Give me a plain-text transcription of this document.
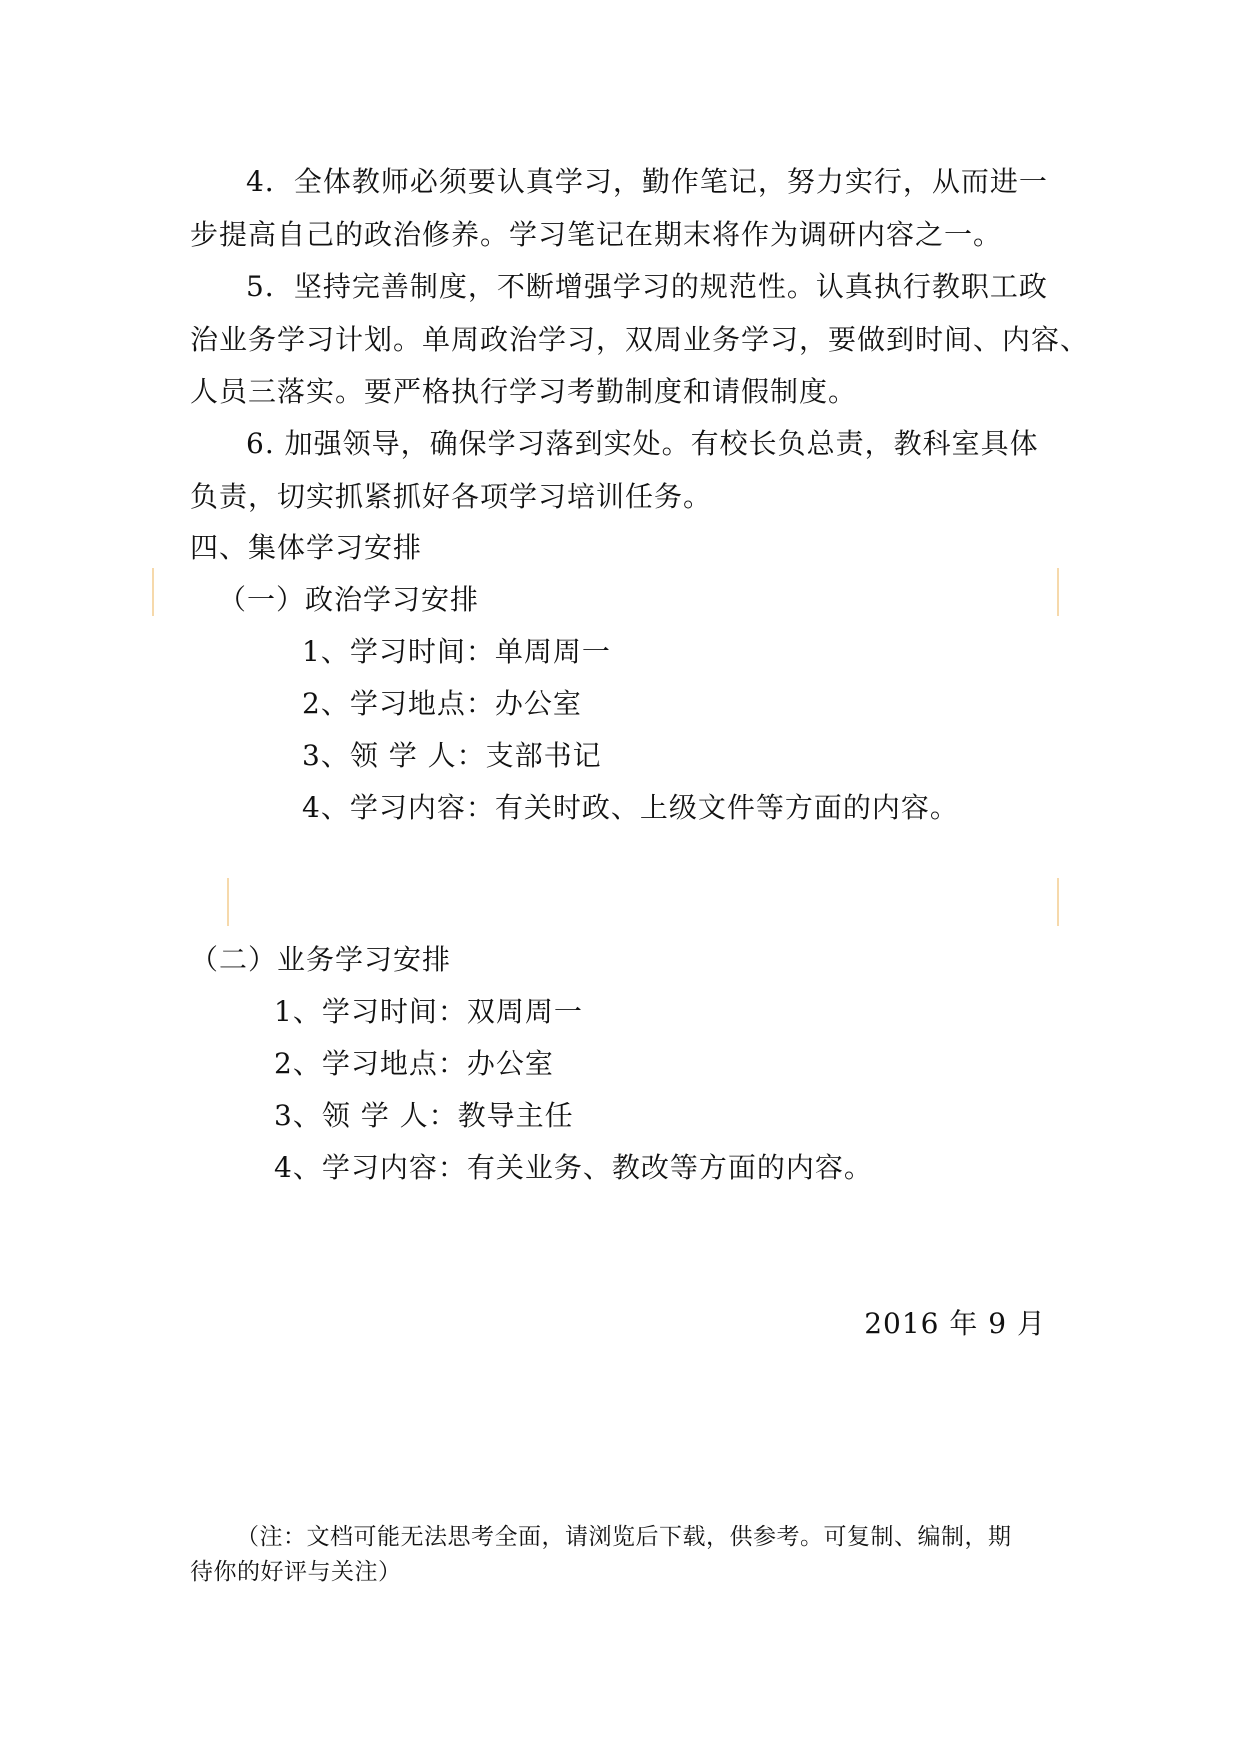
4．全体教师必须要认真学习，勤作笔记，努力实行，从而进一
步提高自己的政治修养。学习笔记在期末将作为调研内容之一。
5．坚持完善制度，不断增强学习的规范性。认真执行教职工政
治业务学习计划。单周政治学习，双周业务学习，要做到时间、内容、
人员三落实。要严格执行学习考勤制度和请假制度。
6. 加强领导，确保学习落到实处。有校长负总责，教科室具体
负责，切实抓紧抓好各项学习培训任务。

四、集体学习安排

（一）政治学习安排

1、学习时间：单周周一

2、学习地点：办公室

3、领 学 人：支部书记

4、学习内容：有关时政、上级文件等方面的内容。

（二）业务学习安排

1、学习时间：双周周一

2、学习地点：办公室

3、领 学 人：教导主任

4、学习内容：有关业务、教改等方面的内容。

2016 年 9 月

（注：文档可能无法思考全面，请浏览后下载，供参考。可复制、编制，期
待你的好评与关注）
